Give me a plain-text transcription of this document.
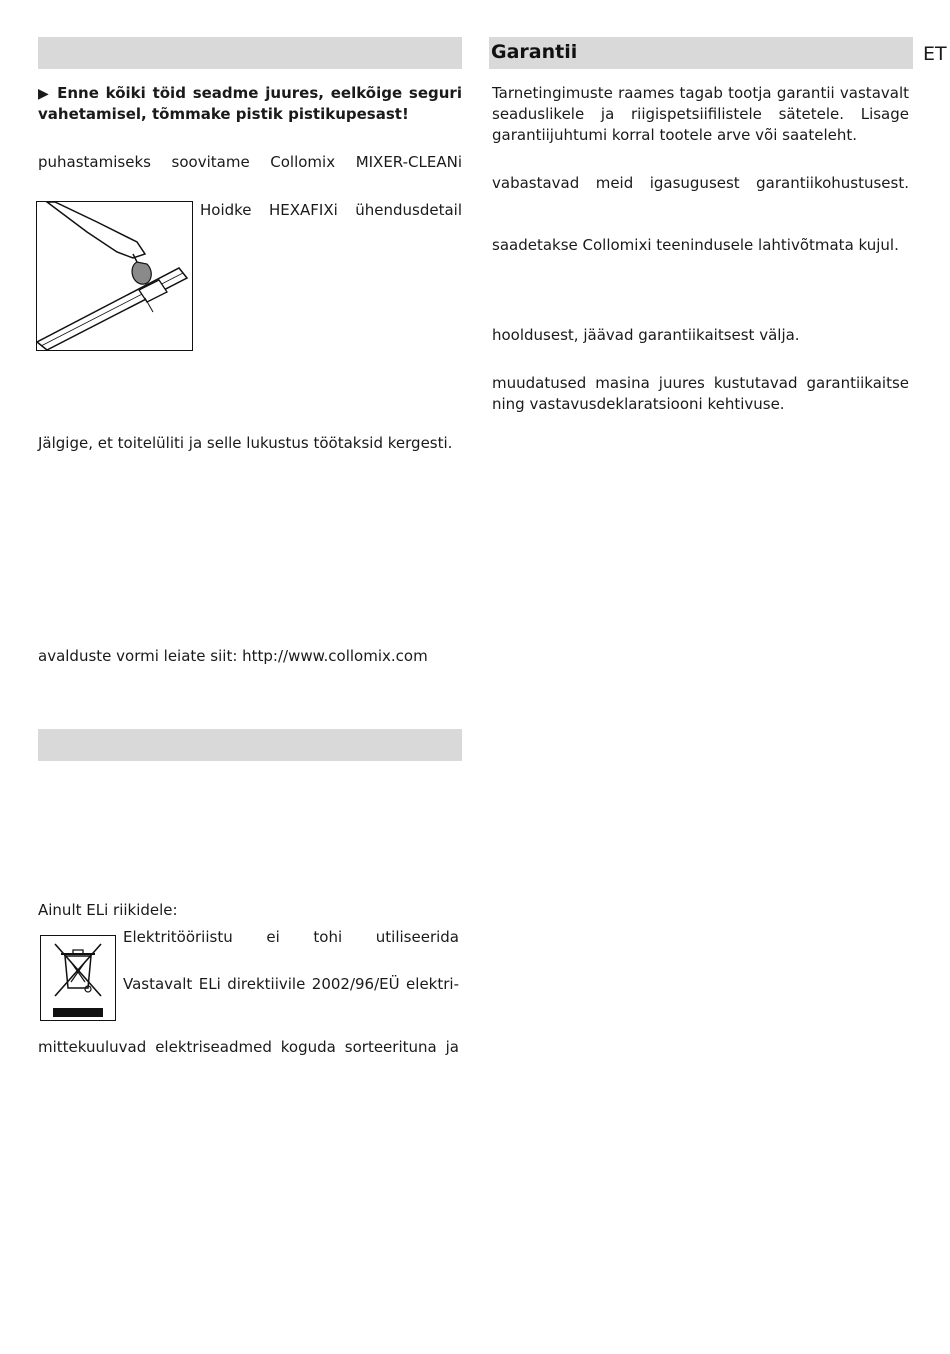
Garantii	ET
▶ Enne kõiki töid seadme juures, eelkõige seguri
vahetamisel, tõmmake pistik pistikupesast!
puhastamiseks soovitame Collomix MIXER-CLEANi
Hoidke HEXAFIXi ühendusdetail
Jälgige, et toitelüliti ja selle lukustus töötaksid kergesti.
avalduste vormi leiate siit: http://www.collomix.com
Ainult ELi riikidele:
Elektritööriistu ei tohi utiliseerida
Vastavalt ELi direktiivile 2002/96/EÜ elektri-
mittekuuluvad elektriseadmed koguda sorteerituna ja
Tarnetingimuste raames tagab tootja garantii vastavalt
seaduslikele ja riigispetsiifilistele sätetele. Lisage
garantiijuhtumi korral tootele arve või saateleht.
vabastavad meid igasugusest garantiikohustusest.
saadetakse Collomixi teenindusele lahtivõtmata kujul.
hooldusest, jäävad garantiikaitsest välja.
muudatused masina juures kustutavad garantiikaitse
ning vastavusdeklaratsiooni kehtivuse.
